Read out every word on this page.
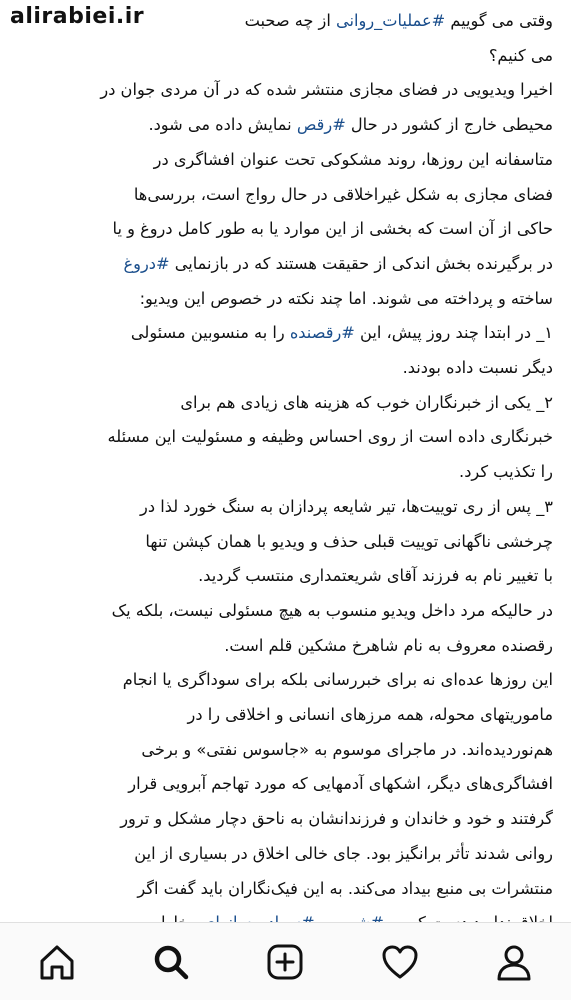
وقتی می گوییم #عملیات_روانی از چه صحبت
می کنیم؟
اخیرا ویدیویی در فضای مجازی منتشر شده که در آن مردی جوان در
محیطی خارج از کشور در حال #رقص نمایش داده می شود.
متاسفانه این روزها، روند مشکوکی تحت عنوان افشاگری در
فضای مجازی به شکل غیراخلاقی در حال رواج است، بررسی‌ها
حاکی از آن است که بخشی از این موارد یا به طور کامل دروغ و یا
در برگیرنده بخش اندکی از حقیقت هستند که در بازنمایی #دروغ
ساخته و پرداخته می شوند. اما چند نکته در خصوص این ویدیو:
۱_ در ابتدا چند روز پیش، این #رقصنده را به منسوبین مسئولی
دیگر نسبت داده بودند.
۲_ یکی از خبرنگاران خوب که هزینه های زیادی هم برای
خبرنگاری داده است از روی احساس وظیفه و مسئولیت این مسئله
را تکذیب کرد.
۳_ پس از ری توییت‌ها، تیر شایعه پردازان به سنگ خورد لذا در
چرخشی ناگهانی توییت قبلی حذف و ویدیو با همان کپشن تنها
با تغییر نام به فرزند آقای شریعتمداری منتسب گردید.
در حالیکه مرد داخل ویدیو منسوب به هیچ مسئولی نیست، بلکه یک
رقصنده معروف به نام شاهرخ مشکین قلم است.
این روزها عده‌ای نه برای خبررسانی بلکه برای سوداگری یا انجام
ماموریتهای محوله، همه مرزهای انسانی و اخلاقی را در
هم‌نوردیده‌اند. در ماجرای موسوم به «جاسوس نفتی» و برخی
افشاگری‌های دیگر، اشکهای آدمهایی که مورد تهاجم آبرویی قرار
گرفتند و خود و خاندان و فرزندانشان به ناحق دچار مشکل و ترور
روانی شدند تأثر برانگیز بود. جای خالی اخلاق در بسیاری از این
منتشرات بی منبع بیداد می‌کند. به این فیک‌نگاران باید گفت اگر
alirabiei.ir
